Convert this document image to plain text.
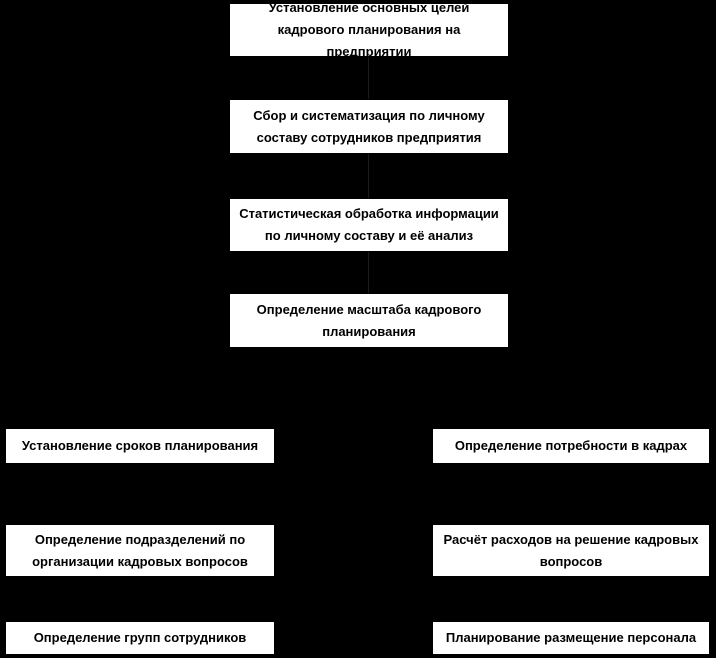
Установление основных целей кадрового планирования на предприятии
Сбор и систематизация по личному составу сотрудников предприятия
Статистическая обработка информации по личному составу и её анализ
Определение масштаба кадрового планирования
Установление сроков планирования
Определение подразделений по организации кадровых вопросов
Определение групп сотрудников
Определение потребности в кадрах
Расчёт расходов на решение кадровых вопросов
Планирование размещение персонала
